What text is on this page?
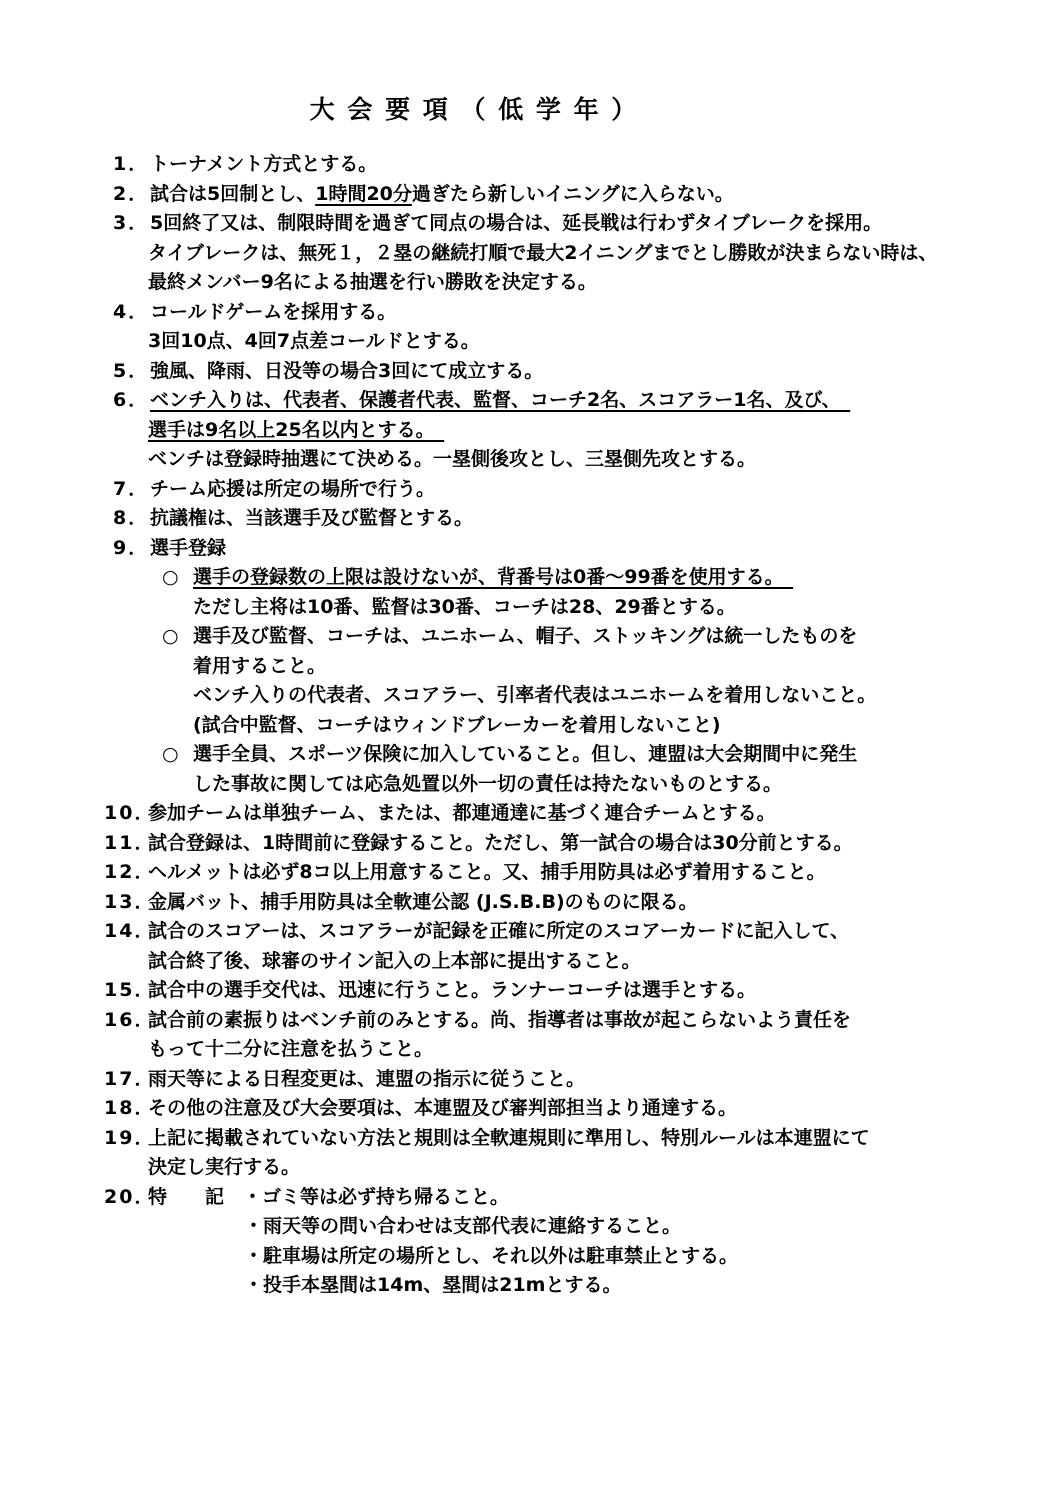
大 会 要 項 （ 低 学 年 ）
1． トーナメント方式とする。
2． 試合は5回制とし、1時間20分過ぎたら新しいイニングに入らない。
3． 5回終了又は、制限時間を過ぎて同点の場合は、延長戦は行わずタイブレークを採用。
タイブレークは、無死１，２塁の継続打順で最大2イニングまでとし勝敗が決まらない時は、
最終メンバー9名による抽選を行い勝敗を決定する。
4． コールドゲームを採用する。
3回10点、4回7点差コールドとする。
5． 強風、降雨、日没等の場合3回にて成立する。
6． ベンチ入りは、代表者、保護者代表、監督、コーチ2名、スコアラー1名、及び、　
選手は9名以上25名以内とする。　
ベンチは登録時抽選にて決める。一塁側後攻とし、三塁側先攻とする。
7． チーム応援は所定の場所で行う。
8． 抗議権は、当該選手及び監督とする。
9． 選手登録
○ 選手の登録数の上限は設けないが、背番号は0番～99番を使用する。　
ただし主将は10番、監督は30番、コーチは28、29番とする。
○ 選手及び監督、コーチは、ユニホーム、帽子、ストッキングは統一したものを
着用すること。
ベンチ入りの代表者、スコアラー、引率者代表はユニホームを着用しないこと。
(試合中監督、コーチはウィンドブレーカーを着用しないこと)
○ 選手全員、スポーツ保険に加入していること。但し、連盟は大会期間中に発生
した事故に関しては応急処置以外一切の責任は持たないものとする。
10．
参加チームは単独チーム、または、都連通達に基づく連合チームとする。
11．
試合登録は、1時間前に登録すること。ただし、第一試合の場合は30分前とする。
12．
ヘルメットは必ず8コ以上用意すること。又、捕手用防具は必ず着用すること。
13．
金属バット、捕手用防具は全軟連公認 (J.S.B.B)のものに限る。
14．
試合のスコアーは、スコアラーが記録を正確に所定のスコアーカードに記入して、
試合終了後、球審のサイン記入の上本部に提出すること。
15．
試合中の選手交代は、迅速に行うこと。ランナーコーチは選手とする。
16．
試合前の素振りはベンチ前のみとする。尚、指導者は事故が起こらないよう責任を
もって十二分に注意を払うこと。
17．
雨天等による日程変更は、連盟の指示に従うこと。
18．
その他の注意及び大会要項は、本連盟及び審判部担当より通達する。
19．
上記に掲載されていない方法と規則は全軟連規則に準用し、特別ルールは本連盟にて
決定し実行する。
20．
特　　記　・ゴミ等は必ず持ち帰ること。
・雨天等の問い合わせは支部代表に連絡すること。
・駐車場は所定の場所とし、それ以外は駐車禁止とする。
・投手本塁間は14m、塁間は21mとする。
